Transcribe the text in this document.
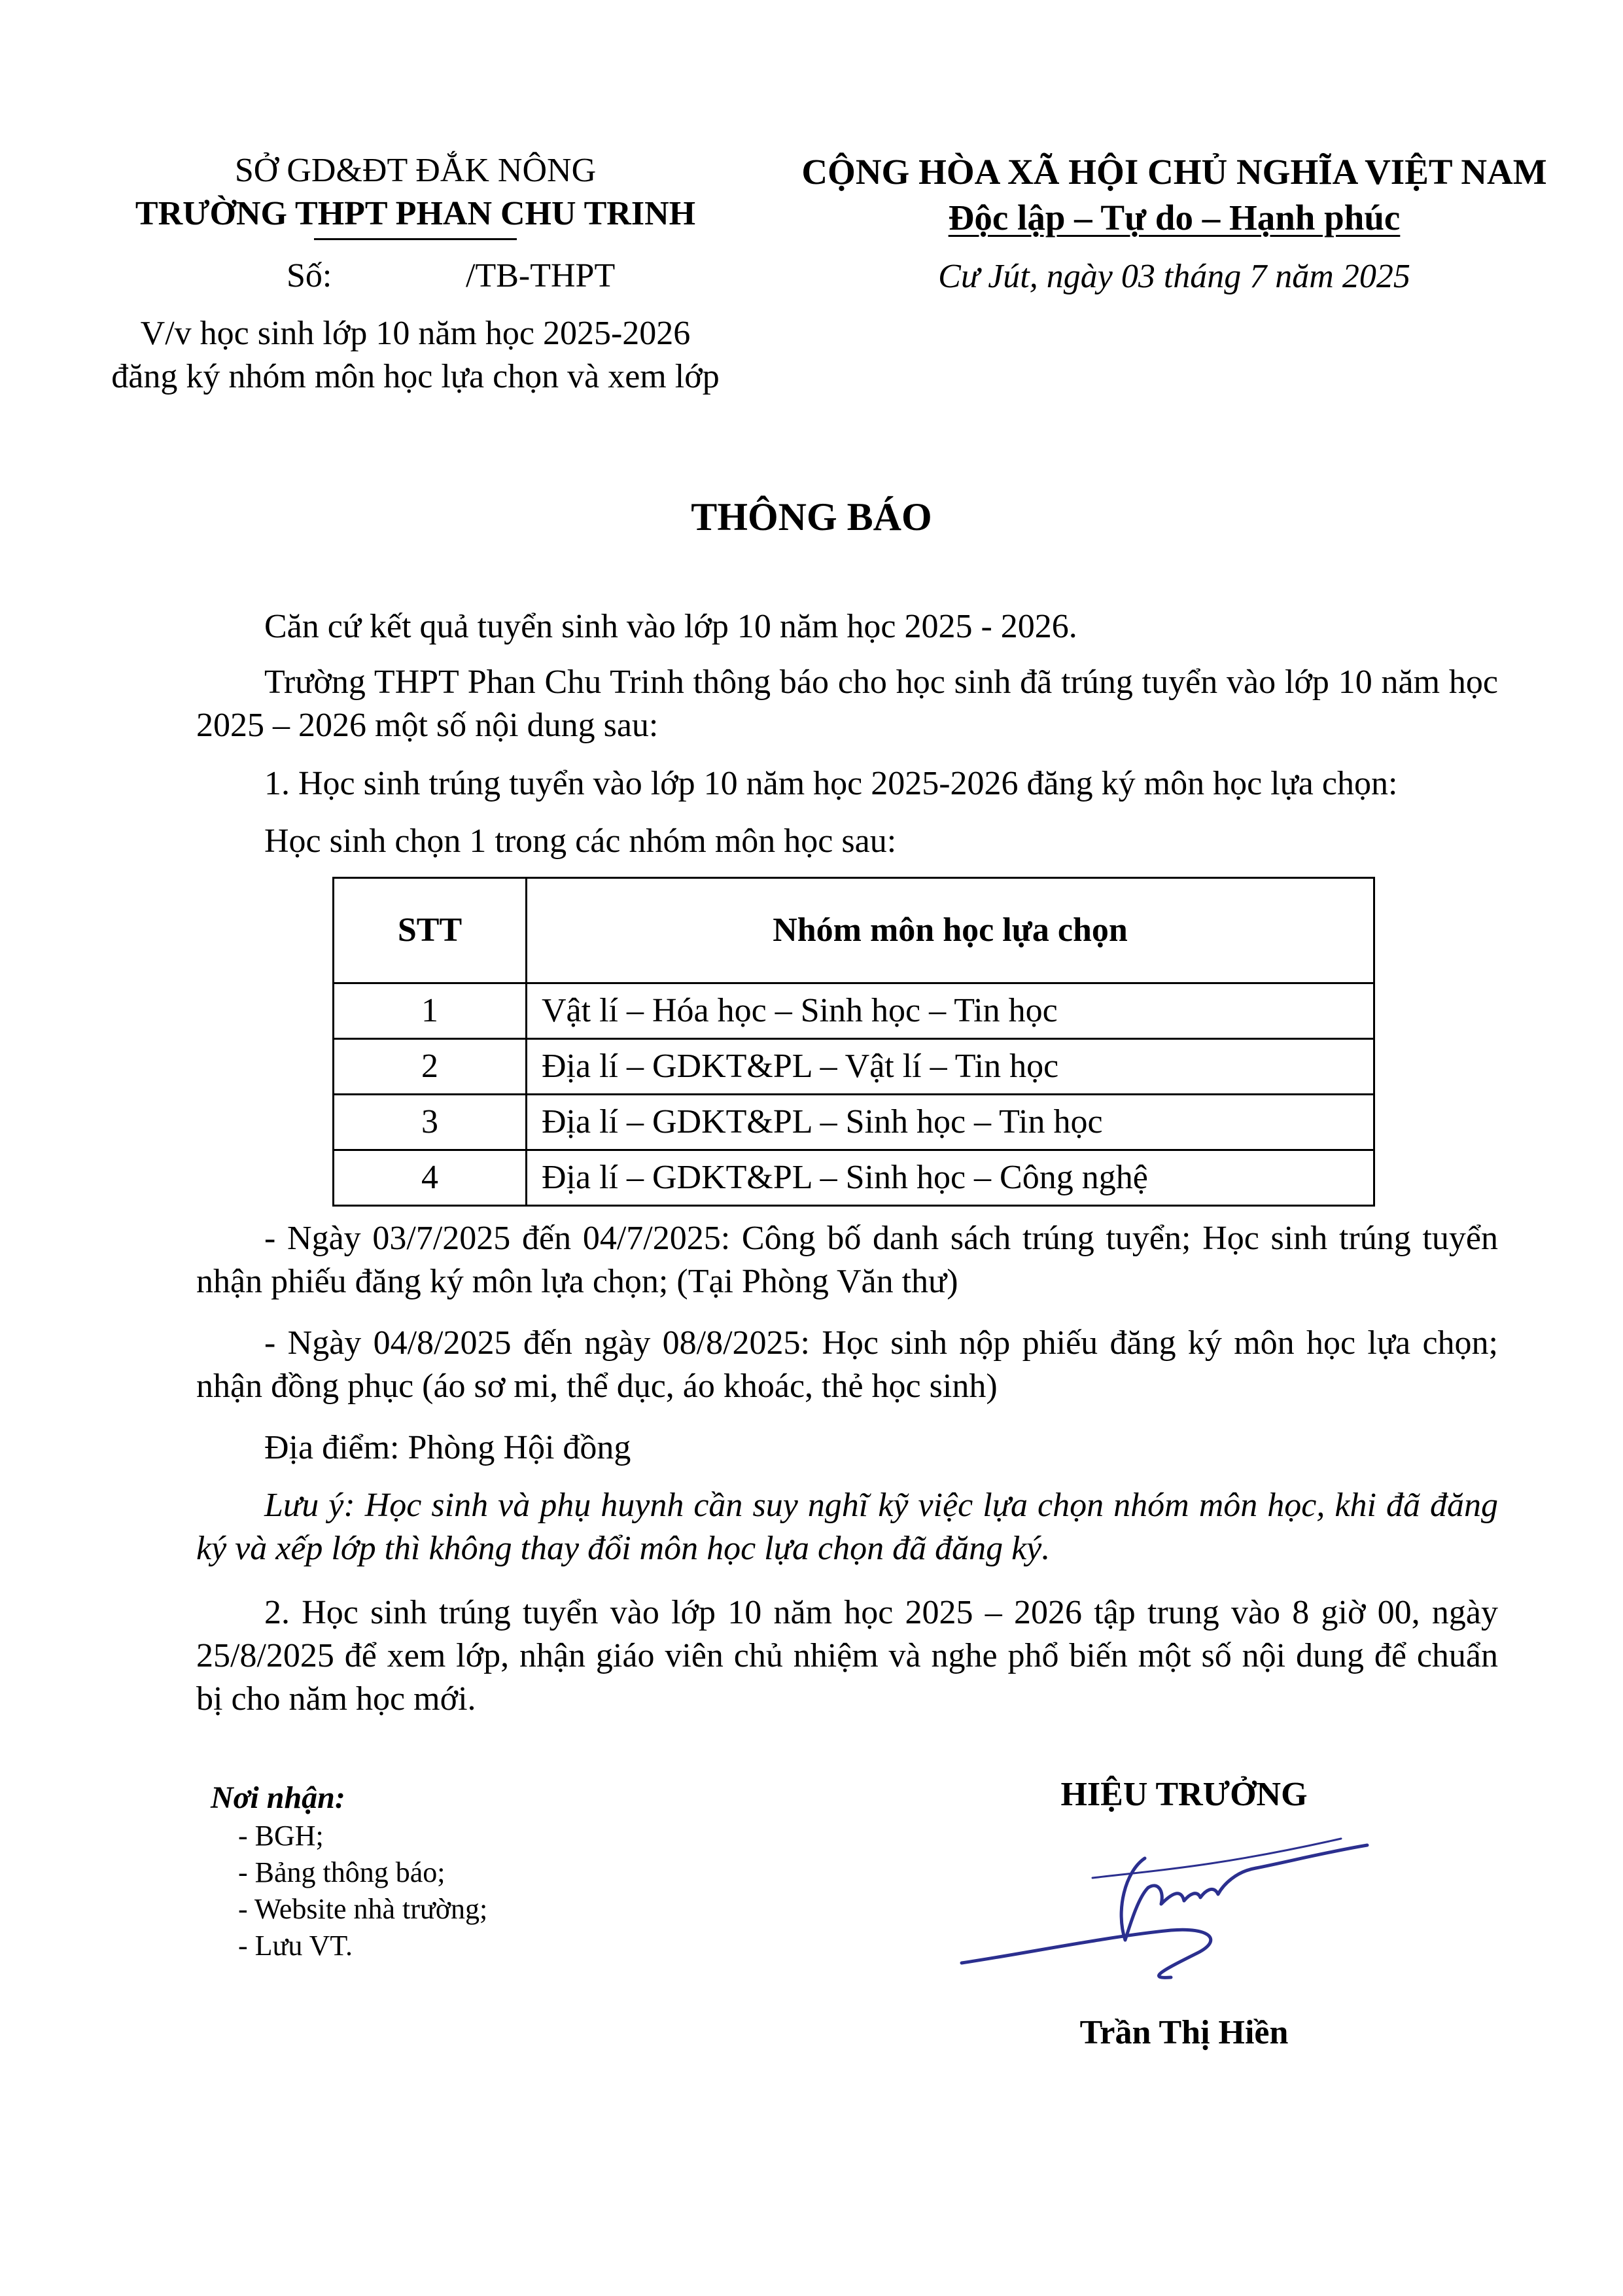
SỞ GD&ĐT ĐẮK NÔNG
TRƯỜNG THPT PHAN CHU TRINH
Số:	/TB-THPT
V/v học sinh lớp 10 năm học 2025-2026
đăng ký nhóm môn học lựa chọn và xem lớp
CỘNG HÒA XÃ HỘI CHỦ NGHĨA VIỆT NAM
Độc lập – Tự do – Hạnh phúc
Cư Jút, ngày 03 tháng 7 năm 2025
THÔNG BÁO
Căn cứ kết quả tuyển sinh vào lớp 10 năm học 2025 - 2026.
Trường THPT Phan Chu Trinh thông báo cho học sinh đã trúng tuyển vào lớp 10 năm học 2025 – 2026 một số nội dung sau:
1. Học sinh trúng tuyển vào lớp 10 năm học 2025-2026 đăng ký môn học lựa chọn:
Học sinh chọn 1 trong các nhóm môn học sau:
STT	Nhóm môn học lựa chọn
1	Vật lí – Hóa học – Sinh học – Tin học
2	Địa lí – GDKT&PL – Vật lí – Tin học
3	Địa lí – GDKT&PL – Sinh học – Tin học
4	Địa lí – GDKT&PL – Sinh học – Công nghệ
- Ngày 03/7/2025 đến 04/7/2025: Công bố danh sách trúng tuyển; Học sinh trúng tuyển nhận phiếu đăng ký môn lựa chọn; (Tại Phòng Văn thư)
- Ngày 04/8/2025 đến ngày 08/8/2025: Học sinh nộp phiếu đăng ký môn học lựa chọn; nhận đồng phục (áo sơ mi, thể dục, áo khoác, thẻ học sinh)
Địa điểm: Phòng Hội đồng
Lưu ý: Học sinh và phụ huynh cần suy nghĩ kỹ việc lựa chọn nhóm môn học, khi đã đăng ký và xếp lớp thì không thay đổi môn học lựa chọn đã đăng ký.
2. Học sinh trúng tuyển vào lớp 10 năm học 2025 – 2026 tập trung vào 8 giờ 00, ngày 25/8/2025 để xem lớp, nhận giáo viên chủ nhiệm và nghe phổ biến một số nội dung để chuẩn bị cho năm học mới.
Nơi nhận:
- BGH;
- Bảng thông báo;
- Website nhà trường;
- Lưu VT.
HIỆU TRƯỞNG
Trần Thị Hiền
